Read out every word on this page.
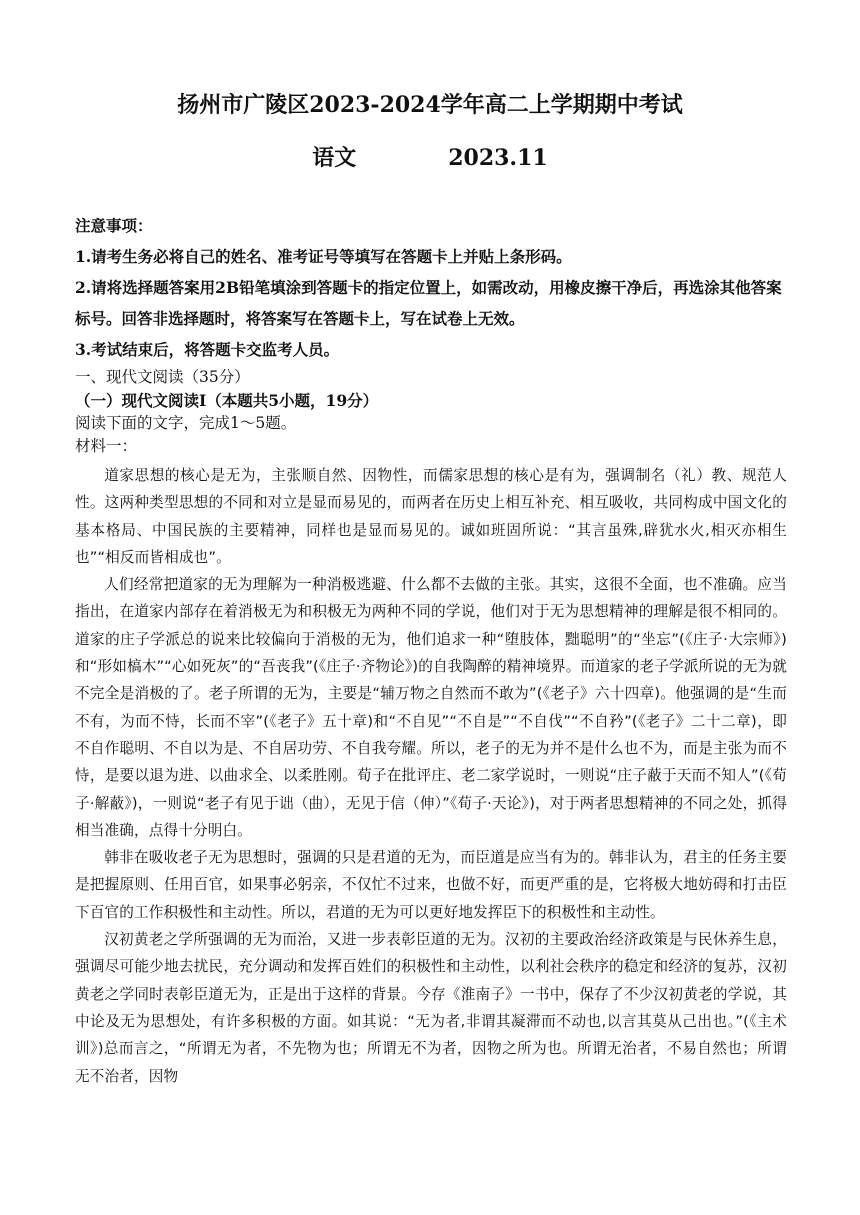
扬州市广陵区2023-2024学年高二上学期期中考试
语文	2023.11

注意事项：

1.请考生务必将自己的姓名、准考证号等填写在答题卡上并贴上条形码。

2.请将选择题答案用2B铅笔填涂到答题卡的指定位置上，如需改动，用橡皮擦干净后，再选涂其他答案标号。回答非选择题时，将答案写在答题卡上，写在试卷上无效。

3.考试结束后，将答题卡交监考人员。

一、现代文阅读（35分）

（一）现代文阅读Ⅰ（本题共5小题，19分）

阅读下面的文字，完成1～5题。

材料一：

道家思想的核心是无为，主张顺自然、因物性，而儒家思想的核心是有为，强调制名（礼）教、规范人性。这两种类型思想的不同和对立是显而易见的，而两者在历史上相互补充、相互吸收，共同构成中国文化的基本格局、中国民族的主要精神，同样也是显而易见的。诚如班固所说：“其言虽殊,辟犹水火,相灭亦相生也”“相反而皆相成也”。

人们经常把道家的无为理解为一种消极逃避、什么都不去做的主张。其实，这很不全面，也不准确。应当指出，在道家内部存在着消极无为和积极无为两种不同的学说，他们对于无为思想精神的理解是很不相同的。道家的庄子学派总的说来比较偏向于消极的无为，他们追求一种“堕肢体，黜聪明”的“坐忘”(《庄子·大宗师》)和“形如槁木”“心如死灰”的“吾丧我”(《庄子·齐物论》)的自我陶醉的精神境界。而道家的老子学派所说的无为就不完全是消极的了。老子所谓的无为，主要是“辅万物之自然而不敢为”(《老子》六十四章)。他强调的是“生而不有，为而不恃，长而不宰”(《老子》五十章)和“不自见”“不自是”“不自伐”“不自矜”(《老子》二十二章)，即不自作聪明、不自以为是、不自居功劳、不自我夸耀。所以，老子的无为并不是什么也不为，而是主张为而不恃，是要以退为进、以曲求全、以柔胜刚。荀子在批评庄、老二家学说时，一则说“庄子蔽于天而不知人”(《荀子·解蔽》)，一则说“老子有见于诎（曲），无见于信（伸）”《荀子·天论》)，对于两者思想精神的不同之处，抓得相当准确，点得十分明白。

韩非在吸收老子无为思想时，强调的只是君道的无为，而臣道是应当有为的。韩非认为，君主的任务主要是把握原则、任用百官，如果事必躬亲，不仅忙不过来，也做不好，而更严重的是，它将极大地妨碍和打击臣下百官的工作积极性和主动性。所以，君道的无为可以更好地发挥臣下的积极性和主动性。

汉初黄老之学所强调的无为而治，又进一步表彰臣道的无为。汉初的主要政治经济政策是与民休养生息，强调尽可能少地去扰民，充分调动和发挥百姓们的积极性和主动性，以利社会秩序的稳定和经济的复苏，汉初黄老之学同时表彰臣道无为，正是出于这样的背景。今存《淮南子》一书中，保存了不少汉初黄老的学说，其中论及无为思想处，有许多积极的方面。如其说：“无为者,非谓其凝滞而不动也,以言其莫从己出也。”(《主术训》)总而言之，“所谓无为者，不先物为也；所谓无不为者，因物之所为也。所谓无治者，不易自然也；所谓无不治者，因物
